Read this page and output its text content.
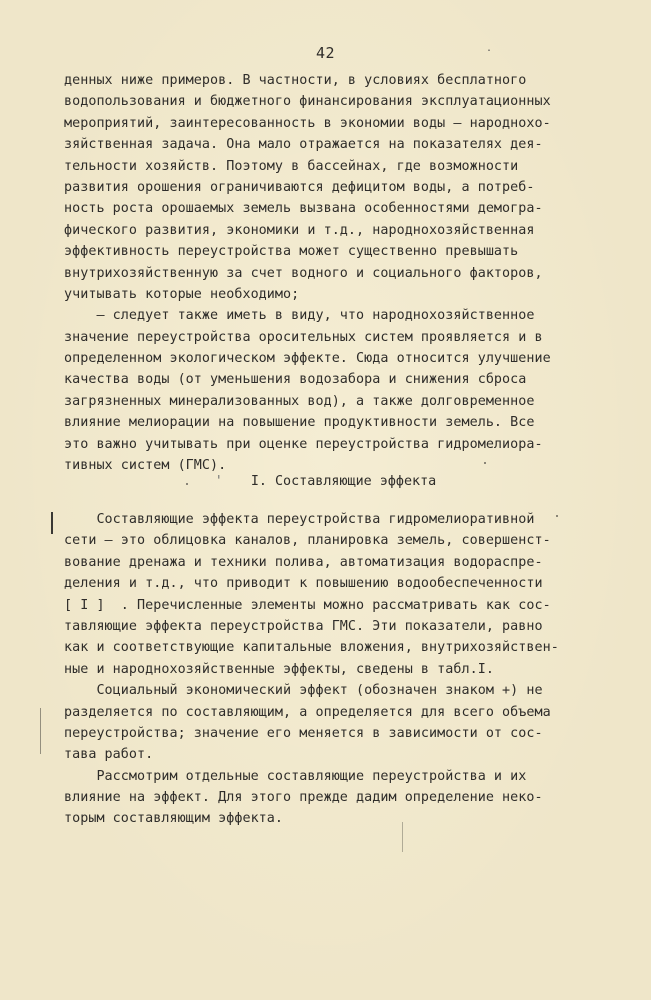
42	.
денных ниже примеров. В частности, в условиях бесплатного
водопользования и бюджетного финансирования эксплуатационных
мероприятий, заинтересованность в экономии воды – народнохо-
зяйственная задача. Она мало отражается на показателях дея-
тельности хозяйств. Поэтому в бассейнах, где возможности
развития орошения ограничиваются дефицитом воды, а потреб-
ность роста орошаемых земель вызвана особенностями демогра-
фического развития, экономики и т.д., народнохозяйственная
эффективность переустройства может существенно превышать
внутрихозяйственную за счет водного и социального факторов,
учитывать которые необходимо;
– следует также иметь в виду, что народнохозяйственное
значение переустройства оросительных систем проявляется и в
определенном экологическом эффекте. Сюда относится улучшение
качества воды (от уменьшения водозабора и снижения сброса
загрязненных минерализованных вод), а также долговременное
влияние мелиорации на повышение продуктивности земель. Все
это важно учитывать при оценке переустройства гидромелиора-
тивных систем (ГМС).
' I. Составляющие эффекта
Составляющие эффекта переустройства гидромелиоративной
сети – это облицовка каналов, планировка земель, совершенст-
вование дренажа и техники полива, автоматизация водораспре-
деления и т.д., что приводит к повышению водообеспеченности
[ I ]  . Перечисленные элементы можно рассматривать как сос-
тавляющие эффекта переустройства ГМС. Эти показатели, равно
как и соответствующие капитальные вложения, внутрихозяйствен-
ные и народнохозяйственные эффекты, сведены в табл.I.
Социальный экономический эффект (обозначен знаком +) не
разделяется по составляющим, а определяется для всего объема
переустройства; значение его меняется в зависимости от сос-
тава работ.
Рассмотрим отдельные составляющие переустройства и их
влияние на эффект. Для этого прежде дадим определение неко-
торым составляющим эффекта.
